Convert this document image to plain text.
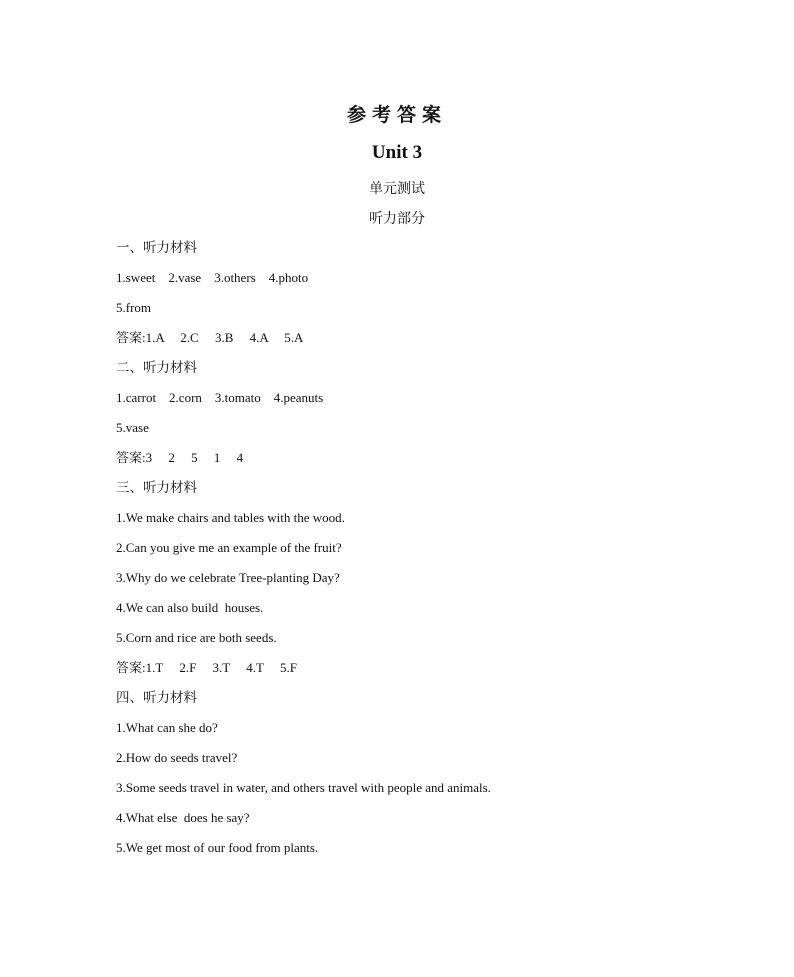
参考答案
Unit 3
单元测试
听力部分
一、听力材料
1.sweet    2.vase    3.others    4.photo
5.from
答案:1.A     2.C     3.B     4.A     5.A
二、听力材料
1.carrot    2.corn    3.tomato    4.peanuts
5.vase
答案:3     2     5     1     4
三、听力材料
1.We make chairs and tables with the wood.
2.Can you give me an example of the fruit?
3.Why do we celebrate Tree-planting Day?
4.We can also build  houses.
5.Corn and rice are both seeds.
答案:1.T     2.F     3.T     4.T     5.F
四、听力材料
1.What can she do?
2.How do seeds travel?
3.Some seeds travel in water, and others travel with people and animals.
4.What else  does he say?
5.We get most of our food from plants.
